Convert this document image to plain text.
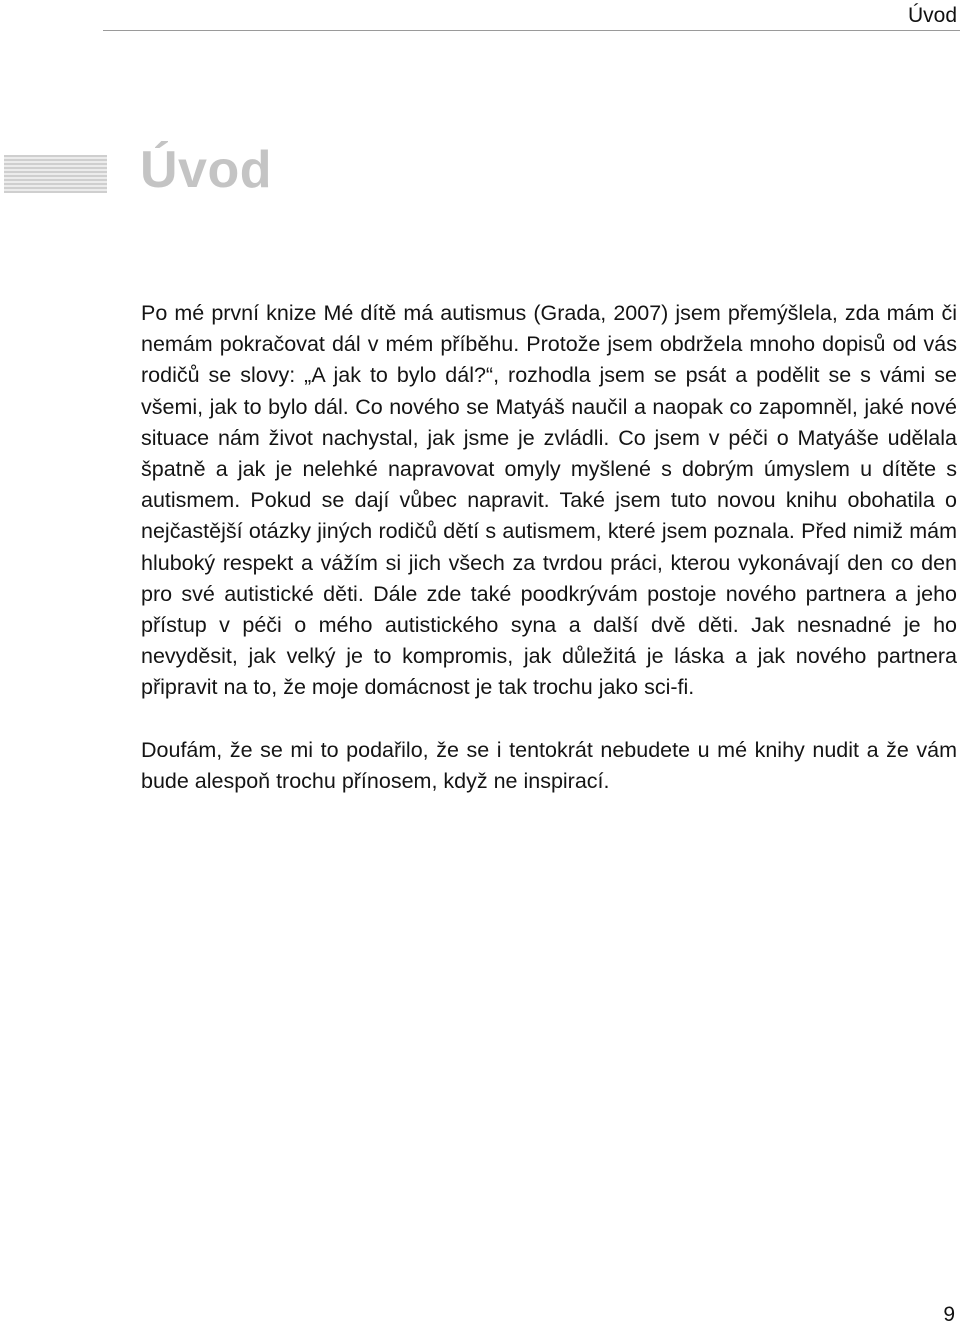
Úvod
Úvod

Po mé první knize Mé dítě má autismus (Grada, 2007) jsem přemýšlela, zda mám či nemám pokračovat dál v mém příběhu. Protože jsem obdržela mnoho dopisů od vás rodičů se slovy: „A jak to bylo dál?“, rozhodla jsem se psát a podělit se s vámi se všemi, jak to bylo dál. Co nového se Matyáš naučil a naopak co zapomněl, jaké nové situace nám život nachystal, jak jsme je zvládli. Co jsem v péči o Matyáše udělala špatně a jak je nelehké napravovat omyly myšlené s dobrým úmyslem u dítěte s autismem. Pokud se dají vůbec napravit. Také jsem tuto novou knihu obohatila o nejčastější otázky jiných rodičů dětí s autismem, které jsem poznala. Před nimiž mám hluboký respekt a vážím si jich všech za tvrdou práci, kterou vykonávají den co den pro své autistické děti. Dále zde také poodkrývám postoje nového partnera a jeho přístup v péči o mého autistického syna a další dvě děti. Jak nesnadné je ho nevyděsit, jak velký je to kompromis, jak důležitá je láska a jak nového partnera připravit na to, že moje domácnost je tak trochu jako sci-fi.

Doufám, že se mi to podařilo, že se i tentokrát nebudete u mé knihy nudit a že vám bude alespoň trochu přínosem, když ne inspirací.

9
